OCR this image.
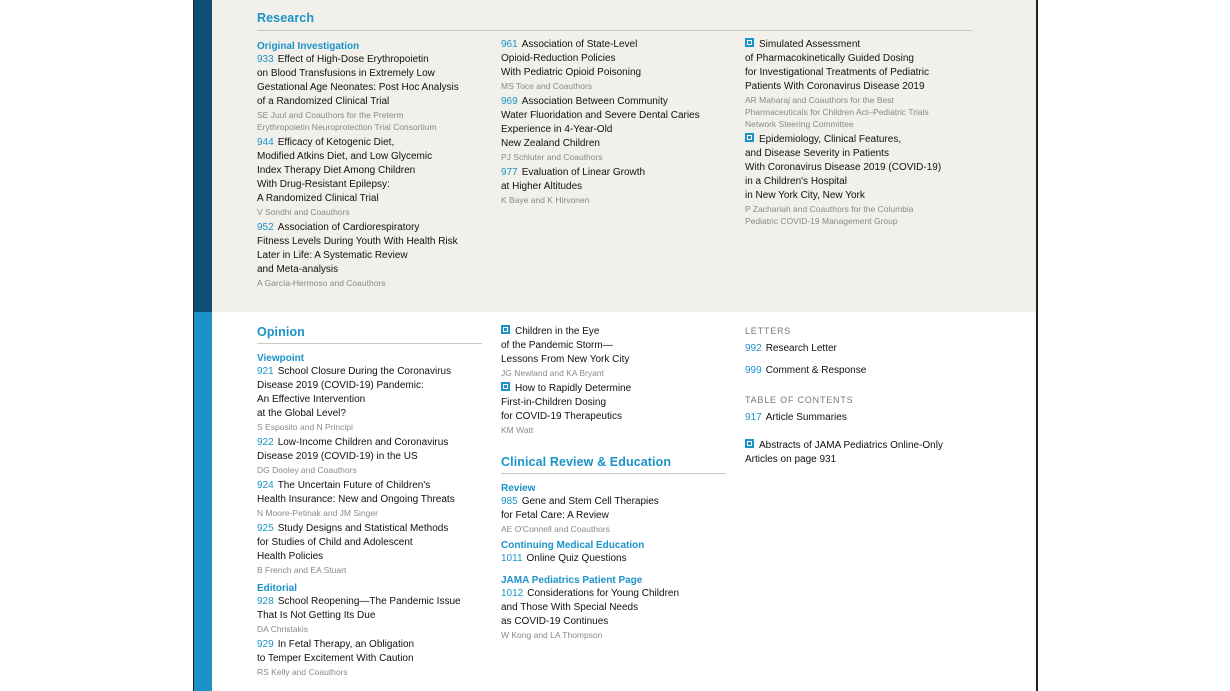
Research
Original Investigation
933 Effect of High-Dose Erythropoietin
on Blood Transfusions in Extremely Low
Gestational Age Neonates: Post Hoc Analysis
of a Randomized Clinical Trial
SE Juul and Coauthors for the Preterm
Erythropoietin Neuroprotection Trial Consortium
944 Efficacy of Ketogenic Diet,
Modified Atkins Diet, and Low Glycemic
Index Therapy Diet Among Children
With Drug-Resistant Epilepsy:
A Randomized Clinical Trial
V Sondhi and Coauthors
952 Association of Cardiorespiratory
Fitness Levels During Youth With Health Risk
Later in Life: A Systematic Review
and Meta-analysis
A García-Hermoso and Coauthors
961 Association of State-Level
Opioid-Reduction Policies
With Pediatric Opioid Poisoning
MS Toce and Coauthors
969 Association Between Community
Water Fluoridation and Severe Dental Caries
Experience in 4-Year-Old
New Zealand Children
PJ Schluter and Coauthors
977 Evaluation of Linear Growth
at Higher Altitudes
K Baye and K Hirvonen
Simulated Assessment
of Pharmacokinetically Guided Dosing
for Investigational Treatments of Pediatric
Patients With Coronavirus Disease 2019
AR Maharaj and Coauthors for the Best
Pharmaceuticals for Children Act–Pediatric Trials
Network Steering Committee
Epidemiology, Clinical Features,
and Disease Severity in Patients
With Coronavirus Disease 2019 (COVID-19)
in a Children's Hospital
in New York City, New York
P Zachariah and Coauthors for the Columbia
Pediatric COVID-19 Management Group
Opinion
Viewpoint
921 School Closure During the Coronavirus
Disease 2019 (COVID-19) Pandemic:
An Effective Intervention
at the Global Level?
S Esposito and N Principi
922 Low-Income Children and Coronavirus
Disease 2019 (COVID-19) in the US
DG Dooley and Coauthors
924 The Uncertain Future of Children's
Health Insurance: New and Ongoing Threats
N Moore-Petinak and JM Singer
925 Study Designs and Statistical Methods
for Studies of Child and Adolescent
Health Policies
B French and EA Stuart
Editorial
928 School Reopening—The Pandemic Issue
That Is Not Getting Its Due
DA Christakis
929 In Fetal Therapy, an Obligation
to Temper Excitement With Caution
RS Kelly and Coauthors
Children in the Eye
of the Pandemic Storm—
Lessons From New York City
JG Newland and KA Bryant
How to Rapidly Determine
First-in-Children Dosing
for COVID-19 Therapeutics
KM Watt
Clinical Review & Education
Review
985 Gene and Stem Cell Therapies
for Fetal Care: A Review
AE O'Connell and Coauthors
Continuing Medical Education
1011 Online Quiz Questions
JAMA Pediatrics Patient Page
1012 Considerations for Young Children
and Those With Special Needs
as COVID-19 Continues
W Kong and LA Thompson
LETTERS
992 Research Letter
999 Comment & Response
TABLE OF CONTENTS
917 Article Summaries
Abstracts of JAMA Pediatrics Online-Only
Articles on page 931
